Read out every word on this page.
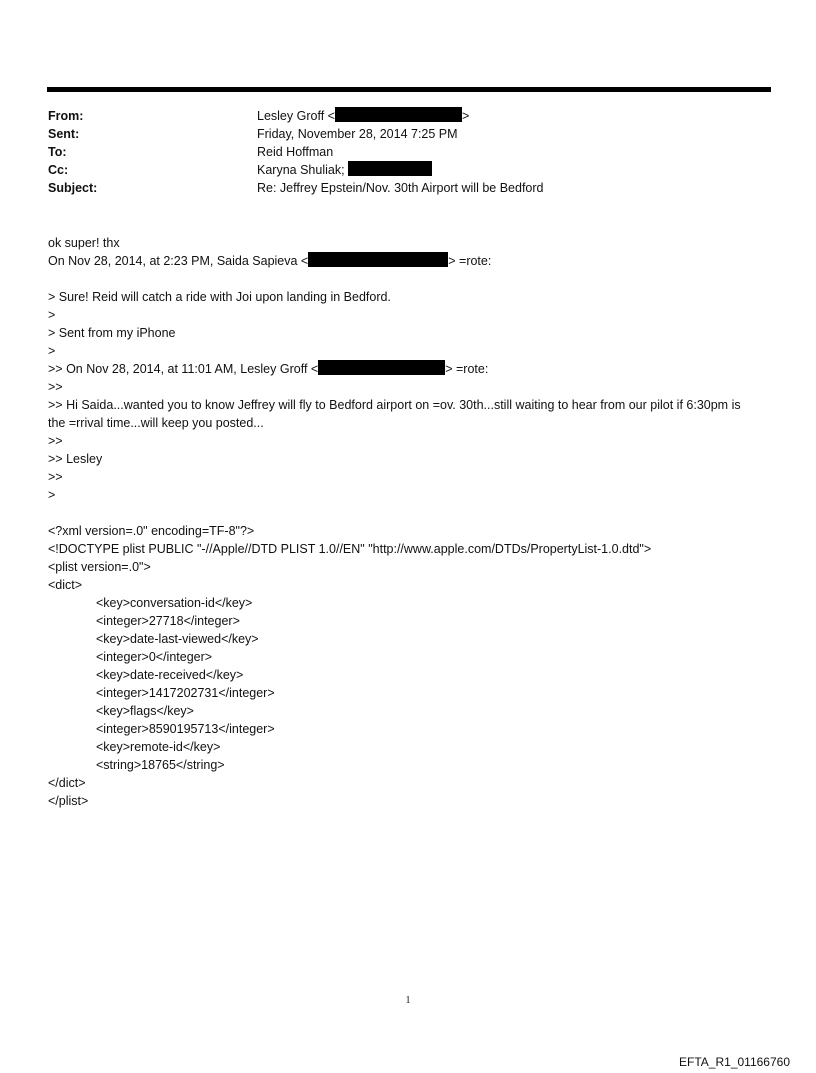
From:	Lesley Groff <	>
Sent:	Friday, November 28, 2014 7:25 PM
To:	Reid Hoffman
Cc:	Karyna Shuliak;
Subject:	Re: Jeffrey Epstein/Nov. 30th Airport will be Bedford
ok super! thx
On Nov 28, 2014, at 2:23 PM, Saida Sapieva <	> =rote:
> Sure! Reid will catch a ride with Joi upon landing in Bedford.
>
> Sent from my iPhone
>
>> On Nov 28, 2014, at 11:01 AM, Lesley Groff <	> =rote:
>>
>> Hi Saida...wanted you to know Jeffrey will fly to Bedford airport on =ov. 30th...still waiting to hear from our pilot if 6:30pm is the =rrival time...will keep you posted...
>>
>> Lesley
>>
>
<?xml version=.0" encoding=TF-8"?>
<!DOCTYPE plist PUBLIC "-//Apple//DTD PLIST 1.0//EN" "http://www.apple.com/DTDs/PropertyList-1.0.dtd">
<plist version=.0">
<dict>
<key>conversation-id</key>
<integer>27718</integer>
<key>date-last-viewed</key>
<integer>0</integer>
<key>date-received</key>
<integer>1417202731</integer>
<key>flags</key>
<integer>8590195713</integer>
<key>remote-id</key>
<string>18765</string>
</dict>
</plist>
1
EFTA_R1_01166760
